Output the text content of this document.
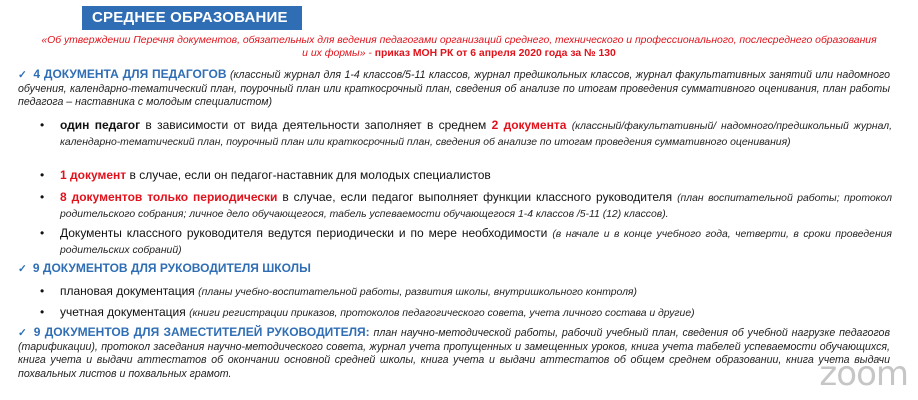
СРЕДНЕЕ ОБРАЗОВАНИЕ
«Об утверждении Перечня документов, обязательных для ведения педагогами организаций среднего, технического и профессионального, послесреднего образования и их формы» - приказ МОН РК от 6 апреля 2020 года за № 130
✓ 4 ДОКУМЕНТА ДЛЯ ПЕДАГОГОВ (классный журнал для 1-4 классов/5-11 классов, журнал предшкольных классов, журнал факультативных занятий или надомного обучения, календарно-тематический план, поурочный план или краткосрочный план, сведения об анализе по итогам проведения суммативного оценивания, план работы педагога – наставника с молодым специалистом)
• один педагог в зависимости от вида деятельности заполняет в среднем 2 документа (классный/факультативный/ надомного/предшкольный журнал, календарно-тематический план, поурочный план или краткосрочный план, сведения об анализе по итогам проведения суммативного оценивания)
• 1 документ в случае, если он педагог-наставник для молодых специалистов
• 8 документов только периодически в случае, если педагог выполняет функции классного руководителя (план воспитательной работы; протокол родительского собрания; личное дело обучающегося, табель успеваемости обучающегося 1-4 классов /5-11 (12) классов).
• Документы классного руководителя ведутся периодически и по мере необходимости (в начале и в конце учебного года, четверти, в сроки проведения родительских собраний)
✓ 9 ДОКУМЕНТОВ ДЛЯ РУКОВОДИТЕЛЯ ШКОЛЫ
• плановая документация (планы учебно-воспитательной работы, развития школы, внутришкольного контроля)
• учетная документация (книги регистрации приказов, протоколов педагогического совета, учета личного состава и другие)
✓ 9 ДОКУМЕНТОВ ДЛЯ ЗАМЕСТИТЕЛЕЙ РУКОВОДИТЕЛЯ: план научно-методической работы, рабочий учебный план, сведения об учебной нагрузке педагогов (тарификации), протокол заседания научно-методического совета, журнал учета пропущенных и замещенных уроков, книга учета табелей успеваемости обучающихся, книга учета и выдачи аттестатов об окончании основной средней школы, книга учета и выдачи аттестатов об общем среднем образовании, книга учета выдачи похвальных листов и похвальных грамот.	zoom
